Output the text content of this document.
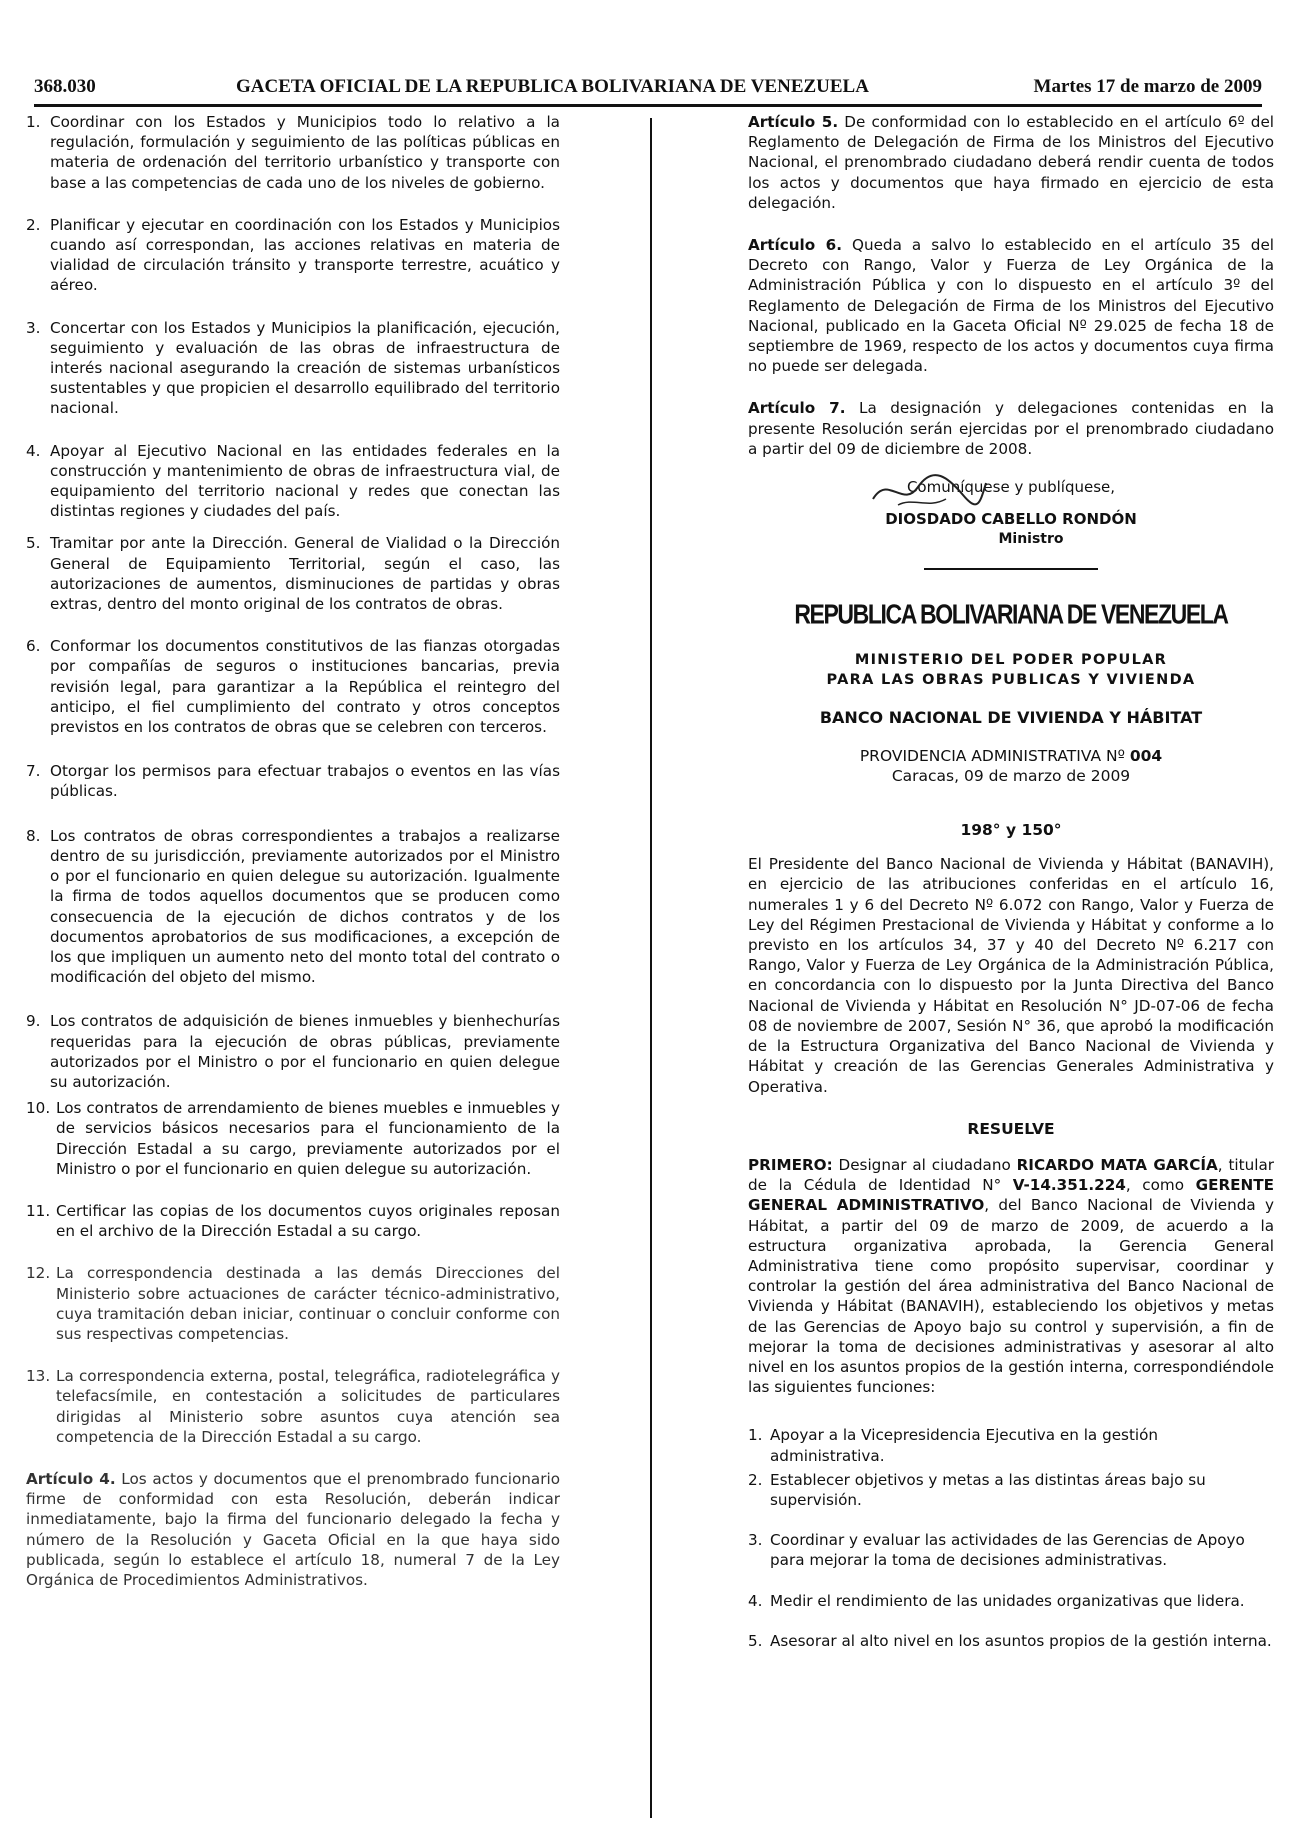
368.030	GACETA OFICIAL DE LA REPUBLICA BOLIVARIANA DE VENEZUELA	Martes 17 de marzo de 2009
1. Coordinar con los Estados y Municipios todo lo relativo a la regulación, formulación y seguimiento de las políticas públicas en materia de ordenación del territorio urbanístico y transporte con base a las competencias de cada uno de los niveles de gobierno.
2. Planificar y ejecutar en coordinación con los Estados y Municipios cuando así correspondan, las acciones relativas en materia de vialidad de circulación tránsito y transporte terrestre, acuático y aéreo.
3. Concertar con los Estados y Municipios la planificación, ejecución, seguimiento y evaluación de las obras de infraestructura de interés nacional asegurando la creación de sistemas urbanísticos sustentables y que propicien el desarrollo equilibrado del territorio nacional.
4. Apoyar al Ejecutivo Nacional en las entidades federales en la construcción y mantenimiento de obras de infraestructura vial, de equipamiento del territorio nacional y redes que conectan las distintas regiones y ciudades del país.
5. Tramitar por ante la Dirección. General de Vialidad o la Dirección General de Equipamiento Territorial, según el caso, las autorizaciones de aumentos, disminuciones de partidas y obras extras, dentro del monto original de los contratos de obras.
6. Conformar los documentos constitutivos de las fianzas otorgadas por compañías de seguros o instituciones bancarias, previa revisión legal, para garantizar a la República el reintegro del anticipo, el fiel cumplimiento del contrato y otros conceptos previstos en los contratos de obras que se celebren con terceros.
7. Otorgar los permisos para efectuar trabajos o eventos en las vías públicas.
8. Los contratos de obras correspondientes a trabajos a realizarse dentro de su jurisdicción, previamente autorizados por el Ministro o por el funcionario en quien delegue su autorización. Igualmente la firma de todos aquellos documentos que se producen como consecuencia de la ejecución de dichos contratos y de los documentos aprobatorios de sus modificaciones, a excepción de los que impliquen un aumento neto del monto total del contrato o modificación del objeto del mismo.
9. Los contratos de adquisición de bienes inmuebles y bienhechurías requeridas para la ejecución de obras públicas, previamente autorizados por el Ministro o por el funcionario en quien delegue su autorización.
10. Los contratos de arrendamiento de bienes muebles e inmuebles y de servicios básicos necesarios para el funcionamiento de la Dirección Estadal a su cargo, previamente autorizados por el Ministro o por el funcionario en quien delegue su autorización.
11. Certificar las copias de los documentos cuyos originales reposan en el archivo de la Dirección Estadal a su cargo.
12. La correspondencia destinada a las demás Direcciones del Ministerio sobre actuaciones de carácter técnico-administrativo, cuya tramitación deban iniciar, continuar o concluir conforme con sus respectivas competencias.
13. La correspondencia externa, postal, telegráfica, radiotelegráfica y telefacsímile, en contestación a solicitudes de particulares dirigidas al Ministerio sobre asuntos cuya atención sea competencia de la Dirección Estadal a su cargo.
Artículo 4. Los actos y documentos que el prenombrado funcionario firme de conformidad con esta Resolución, deberán indicar inmediatamente, bajo la firma del funcionario delegado la fecha y número de la Resolución y Gaceta Oficial en la que haya sido publicada, según lo establece el artículo 18, numeral 7 de la Ley Orgánica de Procedimientos Administrativos.
Artículo 5. De conformidad con lo establecido en el artículo 6º del Reglamento de Delegación de Firma de los Ministros del Ejecutivo Nacional, el prenombrado ciudadano deberá rendir cuenta de todos los actos y documentos que haya firmado en ejercicio de esta delegación.
Artículo 6. Queda a salvo lo establecido en el artículo 35 del Decreto con Rango, Valor y Fuerza de Ley Orgánica de la Administración Pública y con lo dispuesto en el artículo 3º del Reglamento de Delegación de Firma de los Ministros del Ejecutivo Nacional, publicado en la Gaceta Oficial Nº 29.025 de fecha 18 de septiembre de 1969, respecto de los actos y documentos cuya firma no puede ser delegada.
Artículo 7. La designación y delegaciones contenidas en la presente Resolución serán ejercidas por el prenombrado ciudadano a partir del 09 de diciembre de 2008.
Comuníquese y publíquese,
DIOSDADO CABELLO RONDÓN
Ministro
REPUBLICA BOLIVARIANA DE VENEZUELA
MINISTERIO DEL PODER POPULAR
PARA LAS OBRAS PUBLICAS Y VIVIENDA
BANCO NACIONAL DE VIVIENDA Y HÁBITAT
PROVIDENCIA ADMINISTRATIVA Nº 004
Caracas, 09 de marzo de 2009
198° y 150°
El Presidente del Banco Nacional de Vivienda y Hábitat (BANAVIH), en ejercicio de las atribuciones conferidas en el artículo 16, numerales 1 y 6 del Decreto Nº 6.072 con Rango, Valor y Fuerza de Ley del Régimen Prestacional de Vivienda y Hábitat y conforme a lo previsto en los artículos 34, 37 y 40 del Decreto Nº 6.217 con Rango, Valor y Fuerza de Ley Orgánica de la Administración Pública, en concordancia con lo dispuesto por la Junta Directiva del Banco Nacional de Vivienda y Hábitat en Resolución N° JD-07-06 de fecha 08 de noviembre de 2007, Sesión N° 36, que aprobó la modificación de la Estructura Organizativa del Banco Nacional de Vivienda y Hábitat y creación de las Gerencias Generales Administrativa y Operativa.
RESUELVE
PRIMERO: Designar al ciudadano RICARDO MATA GARCÍA, titular de la Cédula de Identidad N° V-14.351.224, como GERENTE GENERAL ADMINISTRATIVO, del Banco Nacional de Vivienda y Hábitat, a partir del 09 de marzo de 2009, de acuerdo a la estructura organizativa aprobada, la Gerencia General Administrativa tiene como propósito supervisar, coordinar y controlar la gestión del área administrativa del Banco Nacional de Vivienda y Hábitat (BANAVIH), estableciendo los objetivos y metas de las Gerencias de Apoyo bajo su control y supervisión, a fin de mejorar la toma de decisiones administrativas y asesorar al alto nivel en los asuntos propios de la gestión interna, correspondiéndole las siguientes funciones:
1. Apoyar a la Vicepresidencia Ejecutiva en la gestión administrativa.
2. Establecer objetivos y metas a las distintas áreas bajo su supervisión.
3. Coordinar y evaluar las actividades de las Gerencias de Apoyo para mejorar la toma de decisiones administrativas.
4. Medir el rendimiento de las unidades organizativas que lidera.
5. Asesorar al alto nivel en los asuntos propios de la gestión interna.
